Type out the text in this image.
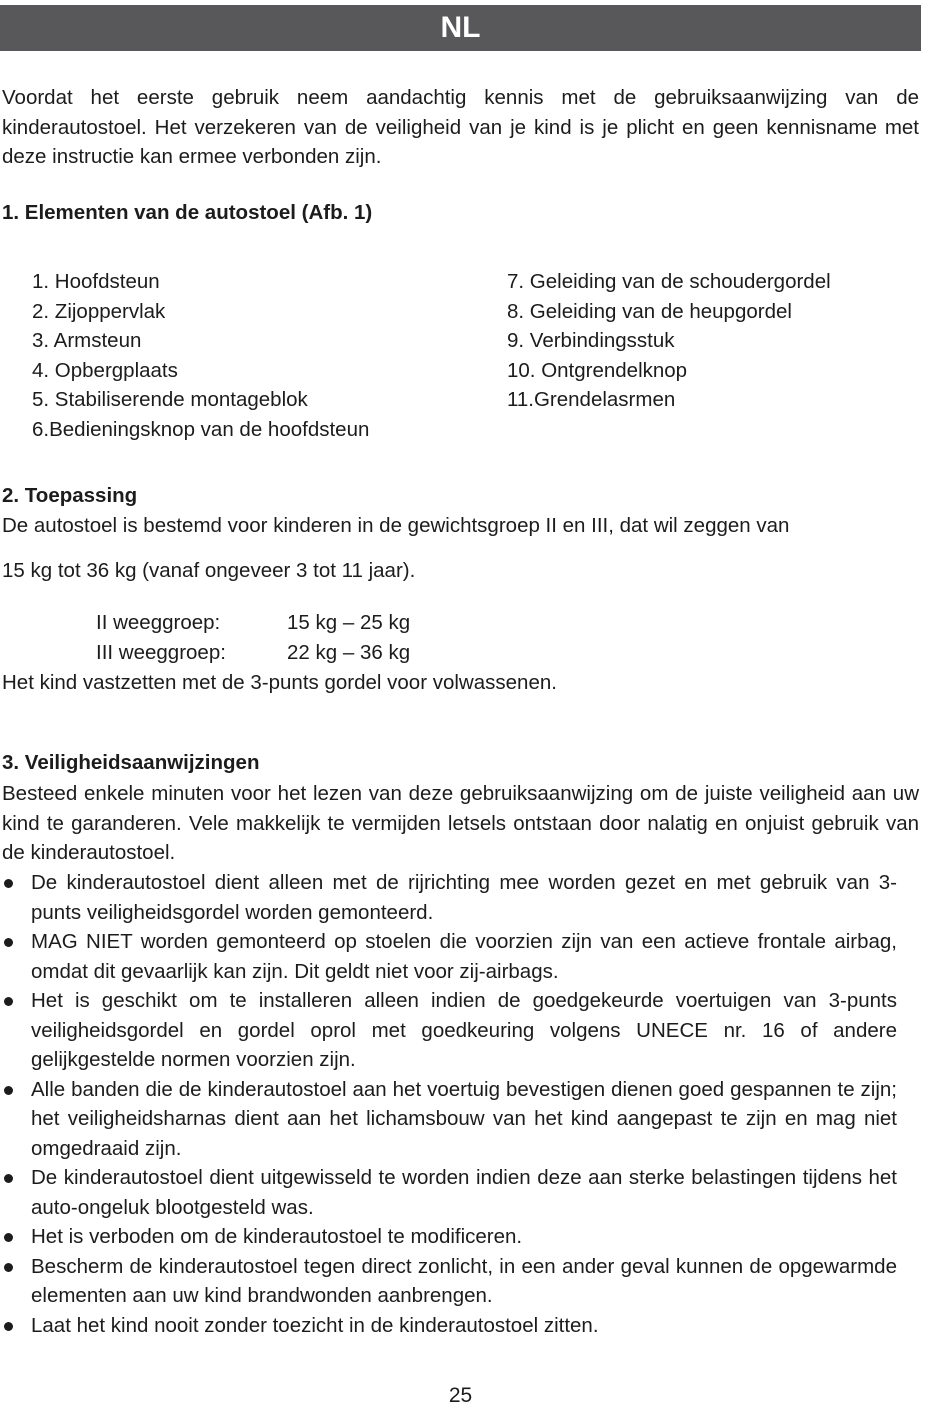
NL

Voordat het eerste gebruik neem aandachtig kennis met de gebruiksaanwijzing van de kinderautostoel. Het verzekeren van de veiligheid van je kind is je plicht en geen kennisname met deze instructie kan ermee verbonden zijn.

1. Elementen van de autostoel (Afb. 1)
1. Hoofdsteun
2. Zijoppervlak
3. Armsteun
4. Opbergplaats
5. Stabiliserende montageblok
6.Bedieningsknop van de hoofdsteun
7. Geleiding van de schoudergordel
8. Geleiding van de heupgordel
9. Verbindingsstuk
10. Ontgrendelknop
11.Grendelasrmen
2. Toepassing
De autostoel is bestemd voor kinderen in de gewichtsgroep II en III, dat wil zeggen van
15 kg tot 36 kg (vanaf ongeveer 3 tot 11 jaar).
II weeggroep:	15 kg – 25 kg
III weeggroep:	22 kg – 36 kg
Het kind vastzetten met de 3-punts gordel voor volwassenen.
3. Veiligheidsaanwijzingen

Besteed enkele minuten voor het lezen van deze gebruiksaanwijzing om de juiste veiligheid aan uw kind te garanderen. Vele makkelijk te vermijden letsels ontstaan door nalatig en onjuist gebruik van de kinderautostoel.

De kinderautostoel dient alleen met de rijrichting mee worden gezet en met gebruik van 3-punts veiligheidsgordel worden gemonteerd.
MAG NIET worden gemonteerd op stoelen die voorzien zijn van een actieve frontale airbag, omdat dit gevaarlijk kan zijn. Dit geldt niet voor zij-airbags.
Het is geschikt om te installeren alleen indien de goedgekeurde voertuigen van 3-punts veiligheidsgordel en gordel oprol met goedkeuring volgens UNECE nr. 16 of andere gelijkgestelde normen voorzien zijn.
Alle banden die de kinderautostoel aan het voertuig bevestigen dienen goed gespannen te zijn; het veiligheidsharnas dient aan het lichamsbouw van het kind aangepast te zijn en mag niet omgedraaid zijn.
De kinderautostoel dient uitgewisseld te worden indien deze aan sterke belastingen tijdens het auto-ongeluk blootgesteld was.
Het is verboden om de kinderautostoel te modificeren.
Bescherm de kinderautostoel tegen direct zonlicht, in een ander geval kunnen de opgewarmde elementen aan uw kind brandwonden aanbrengen.
Laat het kind nooit zonder toezicht in de kinderautostoel zitten.
25
